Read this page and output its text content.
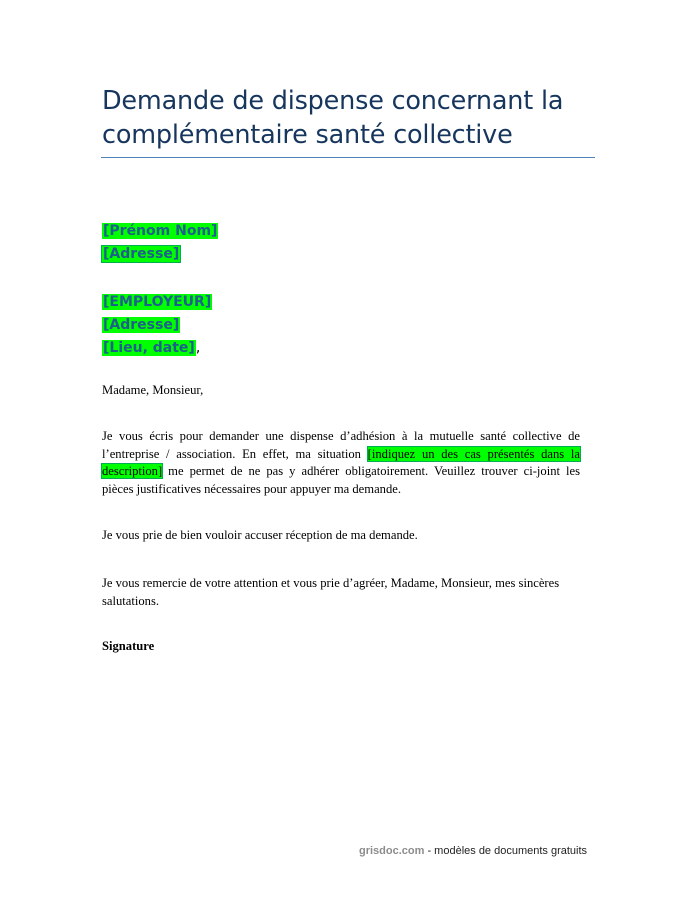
Demande de dispense concernant la
complémentaire santé collective
[Prénom Nom]
[Adresse]
[EMPLOYEUR]
[Adresse]
[Lieu, date],
Madame, Monsieur,
Je vous écris pour demander une dispense d’adhésion à la mutuelle santé collective de l’entreprise / association. En effet, ma situation [indiquez un des cas présentés dans la description] me permet de ne pas y adhérer obligatoirement. Veuillez trouver ci-joint les pièces justificatives nécessaires pour appuyer ma demande.
Je vous prie de bien vouloir accuser réception de ma demande.
Je vous remercie de votre attention et vous prie d’agréer, Madame, Monsieur, mes sincères salutations.
Signature
grisdoc.com - modèles de documents gratuits
